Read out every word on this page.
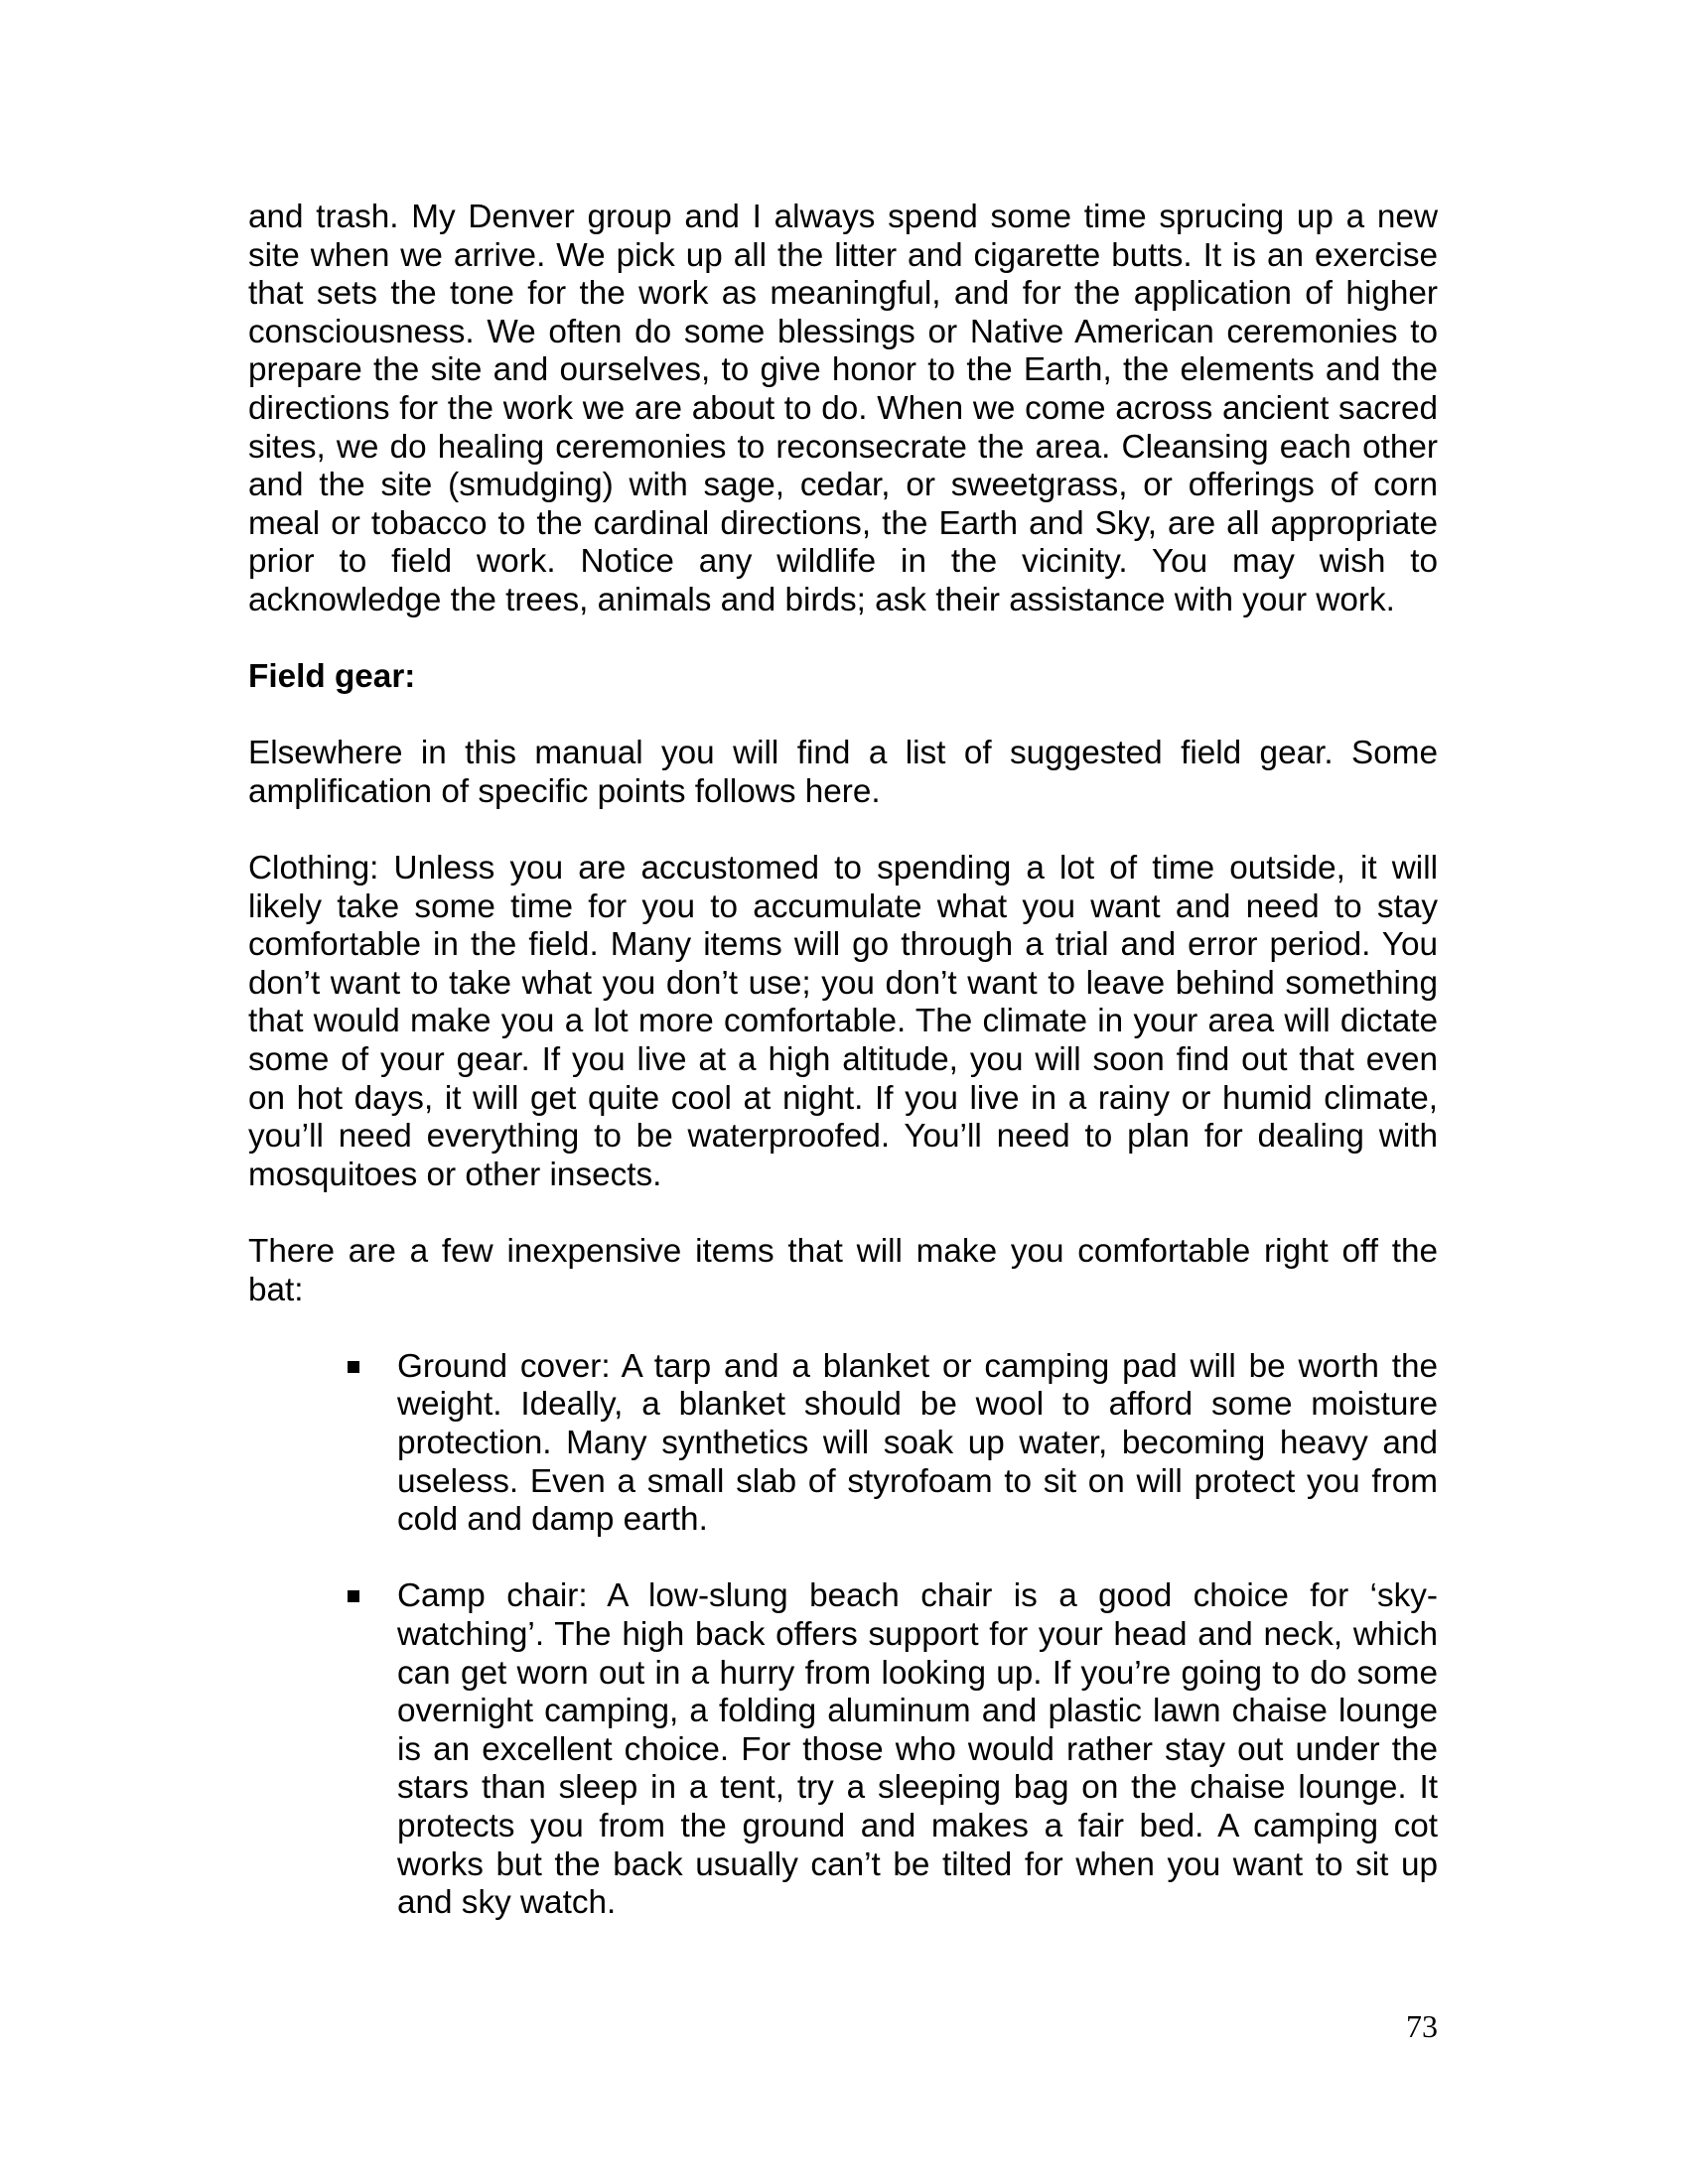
and trash. My Denver group and I always spend some time sprucing up a new site when we arrive. We pick up all the litter and cigarette butts. It is an exercise that sets the tone for the work as meaningful, and for the application of higher consciousness. We often do some blessings or Native American ceremonies to prepare the site and ourselves, to give honor to the Earth, the elements and the directions for the work we are about to do. When we come across ancient sacred sites, we do healing ceremonies to reconsecrate the area. Cleansing each other and the site (smudging) with sage, cedar, or sweetgrass, or offerings of corn meal or tobacco to the cardinal directions, the Earth and Sky, are all appropriate prior to field work. Notice any wildlife in the vicinity. You may wish to acknowledge the trees, animals and birds; ask their assistance with your work.

Field gear:

Elsewhere in this manual you will find a list of suggested field gear. Some amplification of specific points follows here.

Clothing: Unless you are accustomed to spending a lot of time outside, it will likely take some time for you to accumulate what you want and need to stay comfortable in the field. Many items will go through a trial and error period. You don’t want to take what you don’t use; you don’t want to leave behind something that would make you a lot more comfortable. The climate in your area will dictate some of your gear. If you live at a high altitude, you will soon find out that even on hot days, it will get quite cool at night. If you live in a rainy or humid climate, you’ll need everything to be waterproofed. You’ll need to plan for dealing with mosquitoes or other insects.

There are a few inexpensive items that will make you comfortable right off the bat:

Ground cover: A tarp and a blanket or camping pad will be worth the weight. Ideally, a blanket should be wool to afford some moisture protection. Many synthetics will soak up water, becoming heavy and useless. Even a small slab of styrofoam to sit on will protect you from cold and damp earth.
Camp chair: A low-slung beach chair is a good choice for ‘sky-watching’. The high back offers support for your head and neck, which can get worn out in a hurry from looking up. If you’re going to do some overnight camping, a folding aluminum and plastic lawn chaise lounge is an excellent choice. For those who would rather stay out under the stars than sleep in a tent, try a sleeping bag on the chaise lounge. It protects you from the ground and makes a fair bed. A camping cot works but the back usually can’t be tilted for when you want to sit up and sky watch.
73
